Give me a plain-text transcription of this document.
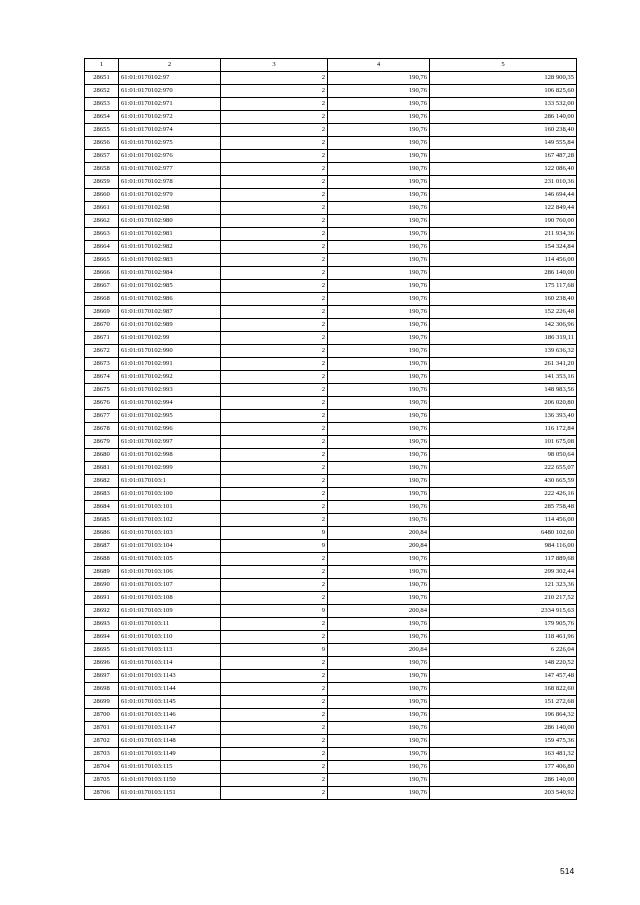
1	2	3	4	5
28651	61:01:0170102:97	2	190,76	128 900,35
28652	61:01:0170102:970	2	190,76	106 825,60
28653	61:01:0170102:971	2	190,76	133 532,00
28654	61:01:0170102:972	2	190,76	286 140,00
28655	61:01:0170102:974	2	190,76	160 238,40
28656	61:01:0170102:975	2	190,76	149 555,84
28657	61:01:0170102:976	2	190,76	167 487,28
28658	61:01:0170102:977	2	190,76	122 086,40
28659	61:01:0170102:978	2	190,76	231 010,36
28660	61:01:0170102:979	2	190,76	146 694,44
28661	61:01:0170102:98	2	190,76	122 849,44
28662	61:01:0170102:980	2	190,76	190 760,00
28663	61:01:0170102:981	2	190,76	211 934,36
28664	61:01:0170102:982	2	190,76	154 324,84
28665	61:01:0170102:983	2	190,76	114 456,00
28666	61:01:0170102:984	2	190,76	286 140,00
28667	61:01:0170102:985	2	190,76	175 117,68
28668	61:01:0170102:986	2	190,76	160 238,40
28669	61:01:0170102:987	2	190,76	152 226,48
28670	61:01:0170102:989	2	190,76	142 306,96
28671	61:01:0170102:99	2	190,76	186 319,11
28672	61:01:0170102:990	2	190,76	139 636,32
28673	61:01:0170102:991	2	190,76	261 341,20
28674	61:01:0170102:992	2	190,76	141 353,16
28675	61:01:0170102:993	2	190,76	148 983,56
28676	61:01:0170102:994	2	190,76	206 020,80
28677	61:01:0170102:995	2	190,76	136 393,40
28678	61:01:0170102:996	2	190,76	116 172,84
28679	61:01:0170102:997	2	190,76	101 675,08
28680	61:01:0170102:998	2	190,76	98 050,64
28681	61:01:0170102:999	2	190,76	222 655,07
28682	61:01:0170103:1	2	190,76	430 665,59
28683	61:01:0170103:100	2	190,76	222 426,16
28684	61:01:0170103:101	2	190,76	285 758,48
28685	61:01:0170103:102	2	190,76	114 456,00
28686	61:01:0170103:103	9	200,84	6480 102,60
28687	61:01:0170103:104	9	200,84	984 116,00
28688	61:01:0170103:105	2	190,76	117 889,68
28689	61:01:0170103:106	2	190,76	299 302,44
28690	61:01:0170103:107	2	190,76	121 323,36
28691	61:01:0170103:108	2	190,76	210 217,52
28692	61:01:0170103:109	9	200,84	2334 915,63
28693	61:01:0170103:11	2	190,76	179 905,76
28694	61:01:0170103:110	2	190,76	118 461,96
28695	61:01:0170103:113	9	200,84	6 226,04
28696	61:01:0170103:114	2	190,76	148 220,52
28697	61:01:0170103:1143	2	190,76	147 457,48
28698	61:01:0170103:1144	2	190,76	168 822,60
28699	61:01:0170103:1145	2	190,76	151 272,68
28700	61:01:0170103:1146	2	190,76	196 864,32
28701	61:01:0170103:1147	2	190,76	286 140,00
28702	61:01:0170103:1148	2	190,76	159 475,36
28703	61:01:0170103:1149	2	190,76	163 481,32
28704	61:01:0170103:115	2	190,76	177 406,80
28705	61:01:0170103:1150	2	190,76	286 140,00
28706	61:01:0170103:1151	2	190,76	203 540,92
514
